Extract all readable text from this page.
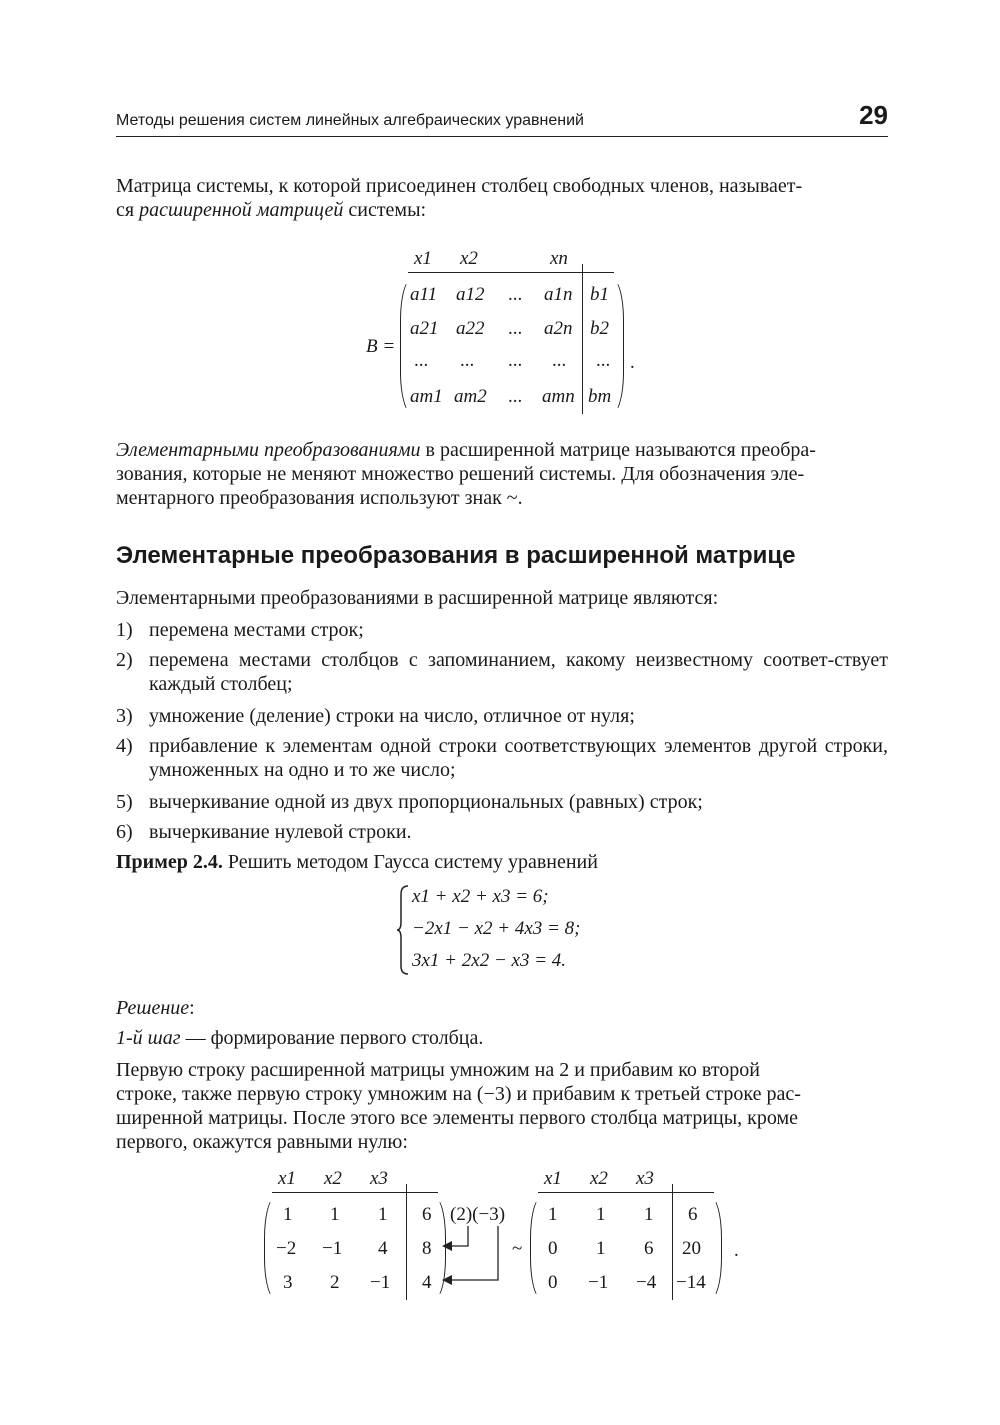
Методы решения систем линейных алгебраических уравнений	29
Матрица системы, к которой присоединен столбец свободных членов, называет-
ся расширенной матрицей системы:
B =
x1 x2	xn
a11 a12 ... a1n b1
a21 a22 ... a2n b2
... ... ... ... ...
am1 am2 ... amn bm
.
Элементарными преобразованиями в расширенной матрице называются преобра-
зования, которые не меняют множество решений системы. Для обозначения эле-
ментарного преобразования используют знак ~.
Элементарные преобразования в расширенной матрице
Элементарными преобразованиями в расширенной матрице являются:
1) перемена местами строк;
2) перемена местами столбцов с запоминанием, какому неизвестному соответ-ствует каждый столбец;
3) умножение (деление) строки на число, отличное от нуля;
4) прибавление к элементам одной строки соответствующих элементов другой строки, умноженных на одно и то же число;
5) вычеркивание одной из двух пропорциональных (равных) строк;
6) вычеркивание нулевой строки.
Пример 2.4. Решить методом Гаусса систему уравнений
x1 + x2 + x3 = 6;
−2x1 − x2 + 4x3 = 8;
3x1 + 2x2 − x3 = 4.
Решение:
1-й шаг — формирование первого столбца.
Первую строку расширенной матрицы умножим на 2 и прибавим ко второй
строке, также первую строку умножим на (−3) и прибавим к третьей строке рас-
ширенной матрицы. После этого все элементы первого столбца матрицы, кроме
первого, окажутся равными нулю:
x1 x2 x3
1 1 1 6
−2 −1 4 8
3 2 −1 4
(2)(−3)
~
x1 x2 x3
1 1 1 6
0 1 6 20
0 −1 −4 −14
.
